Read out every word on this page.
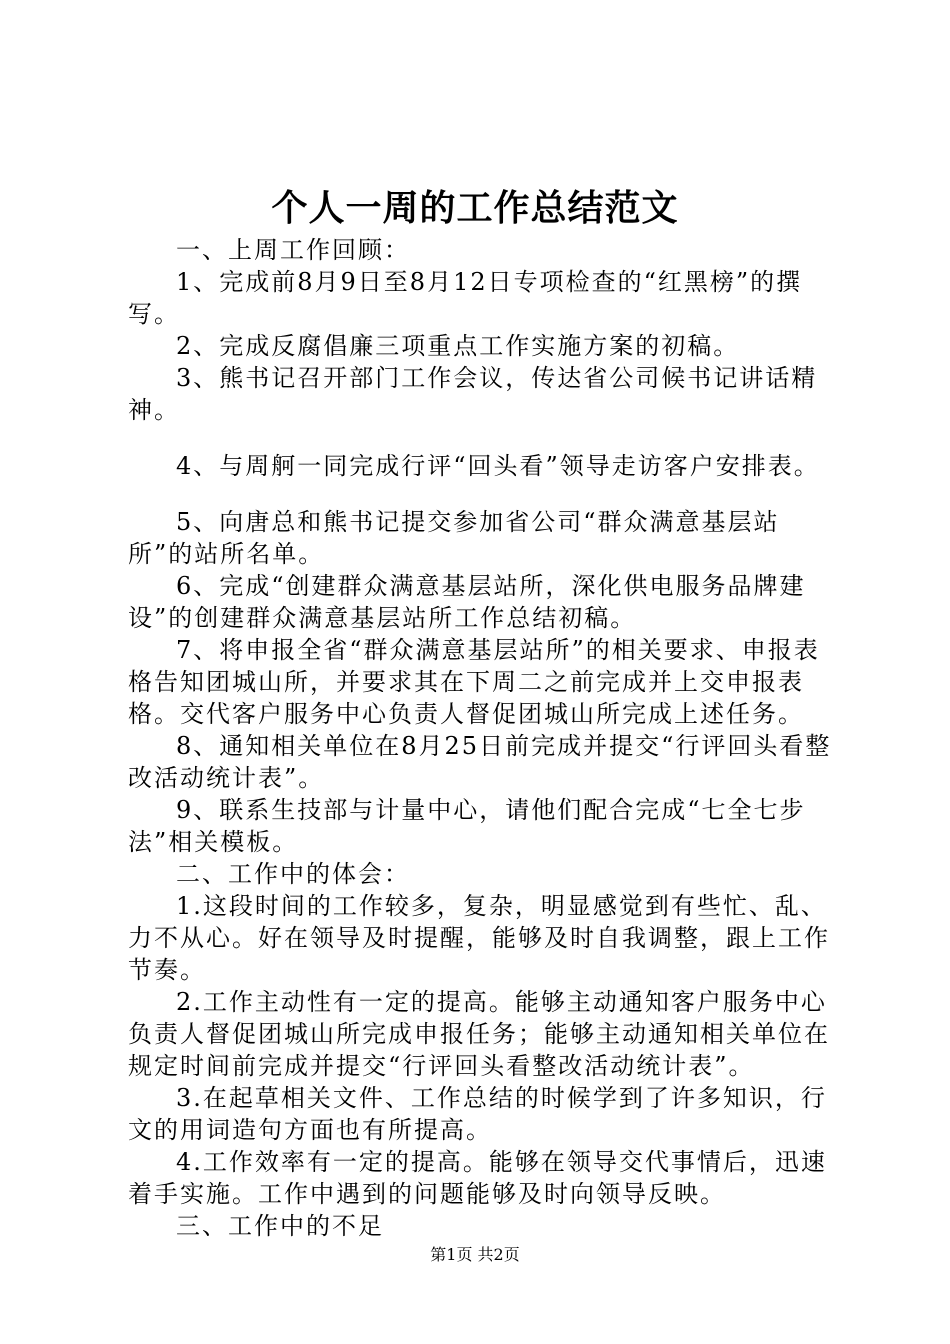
个人一周的工作总结范文

一、上周工作回顾：

1、完成前8月9日至8月12日专项检查的“红黑榜”的撰写。

2、完成反腐倡廉三项重点工作实施方案的初稿。

3、熊书记召开部门工作会议，传达省公司候书记讲话精神。

4、与周舸一同完成行评“回头看”领导走访客户安排表。

5、向唐总和熊书记提交参加省公司“群众满意基层站所”的站所名单。

6、完成“创建群众满意基层站所，深化供电服务品牌建设”的创建群众满意基层站所工作总结初稿。

7、将申报全省“群众满意基层站所”的相关要求、申报表格告知团城山所，并要求其在下周二之前完成并上交申报表格。交代客户服务中心负责人督促团城山所完成上述任务。

8、通知相关单位在8月25日前完成并提交“行评回头看整改活动统计表”。

9、联系生技部与计量中心，请他们配合完成“七全七步法”相关模板。

二、工作中的体会：

1.这段时间的工作较多，复杂，明显感觉到有些忙、乱、力不从心。好在领导及时提醒，能够及时自我调整，跟上工作节奏。

2.工作主动性有一定的提高。能够主动通知客户服务中心负责人督促团城山所完成申报任务；能够主动通知相关单位在规定时间前完成并提交“行评回头看整改活动统计表”。

3.在起草相关文件、工作总结的时候学到了许多知识，行文的用词造句方面也有所提高。

4.工作效率有一定的提高。能够在领导交代事情后，迅速着手实施。工作中遇到的问题能够及时向领导反映。

三、工作中的不足

第1页 共2页
